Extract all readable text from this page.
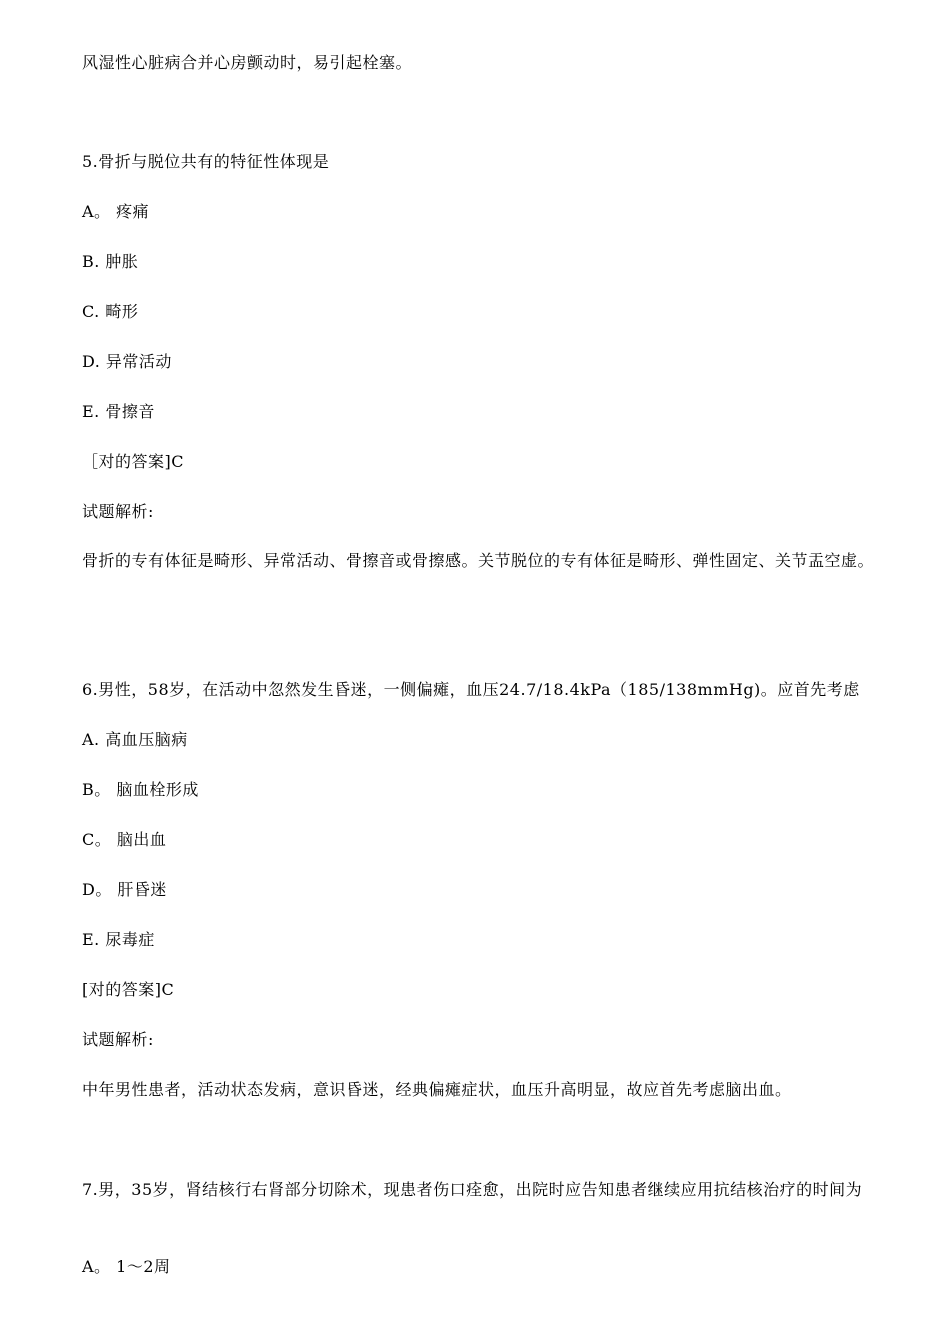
风湿性心脏病合并心房颤动时，易引起栓塞。
5.骨折与脱位共有的特征性体现是
A。 疼痛
B. 肿胀
C. 畸形
D. 异常活动
E. 骨擦音
［对的答案]C
试题解析:
骨折的专有体征是畸形、异常活动、骨擦音或骨擦感。关节脱位的专有体征是畸形、弹性固定、关节盂空虚。
6.男性，58岁，在活动中忽然发生昏迷，一侧偏瘫，血压24.7/18.4kPa（185/138mmHg)。应首先考虑
A. 高血压脑病
B。 脑血栓形成
C。 脑出血
D。 肝昏迷
E. 尿毒症
[对的答案]C
试题解析:
中年男性患者，活动状态发病，意识昏迷，经典偏瘫症状，血压升高明显，故应首先考虑脑出血。
7.男，35岁，肾结核行右肾部分切除术，现患者伤口痊愈，出院时应告知患者继续应用抗结核治疗的时间为
A。 1～2周
